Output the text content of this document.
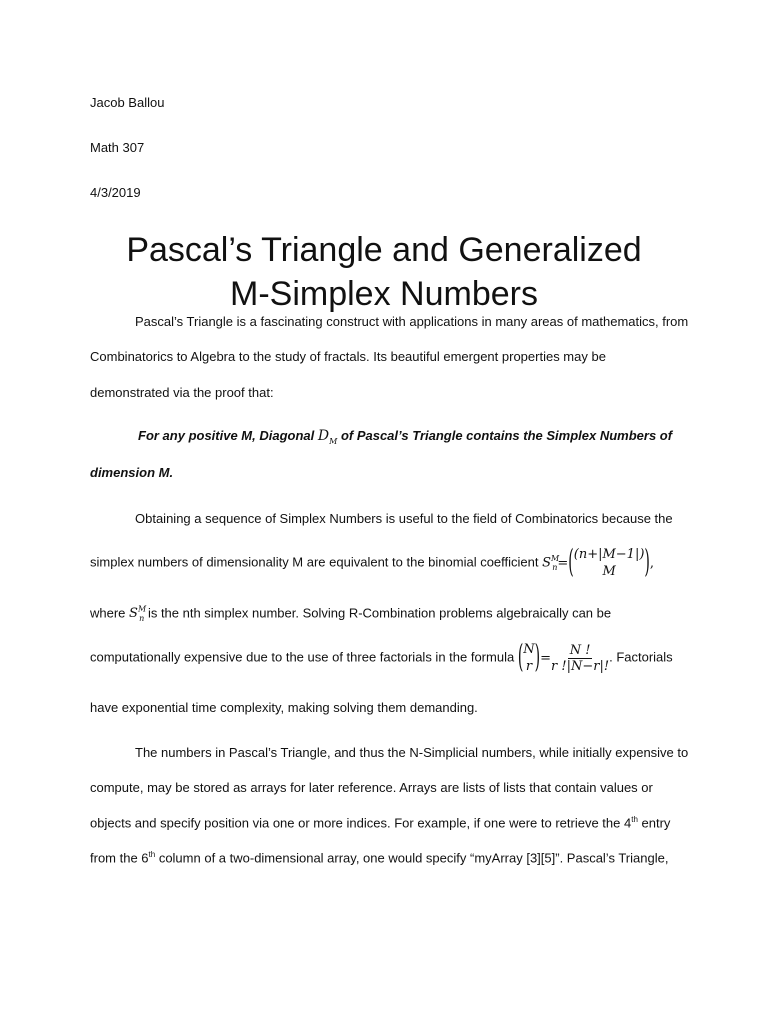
Jacob Ballou
Math 307
4/3/2019
Pascal’s Triangle and Generalized
M-Simplex Numbers
Pascal’s Triangle is a fascinating construct with applications in many areas of mathematics, from
Combinatorics to Algebra to the study of fractals. Its beautiful emergent properties may be
demonstrated via the proof that:
For any positive M, Diagonal $D_M$ of Pascal’s Triangle contains the Simplex Numbers of
dimension M.
Obtaining a sequence of Simplex Numbers is useful to the field of Combinatorics because the
simplex numbers of dimensionality M are equivalent to the binomial coefficient $S^M_n$ = ( (n+|M−1|)
M ) ,
where $S^M_n$ is the nth simplex number. Solving R-Combination problems algebraically can be
computationally expensive due to the use of three factorials in the formula ( N
r ) = $\frac{N !}{r !|N-r|!}$ . Factorials
have exponential time complexity, making solving them demanding.
The numbers in Pascal’s Triangle, and thus the N-Simplicial numbers, while initially expensive to
compute, may be stored as arrays for later reference. Arrays are lists of lists that contain values or
objects and specify position via one or more indices. For example, if one were to retrieve the 4th entry
from the 6th column of a two-dimensional array, one would specify “myArray [3][5]”. Pascal’s Triangle,
